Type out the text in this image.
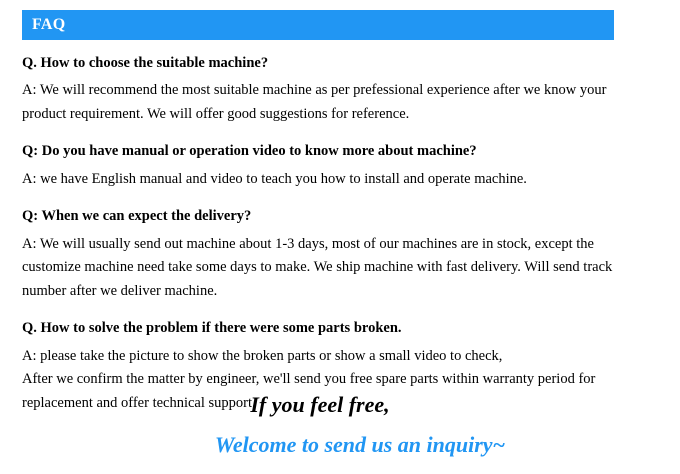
FAQ

Q. How to choose the suitable machine?

A: We will recommend the most suitable machine as per prefessional experience after we know your
product requirement. We will offer good suggestions for reference.

Q: Do you have manual or operation video to know more about machine?

A: we have English manual and video to teach you how to install and operate machine.

Q: When we can expect the delivery?

A: We will usually send out machine about 1-3 days, most of our machines are in stock, except the
customize machine need take some days to make. We ship machine with fast delivery. Will send track
number after we deliver machine.

Q. How to solve the problem if there were some parts broken.

A: please take the picture to show the broken parts or show a small video to check,
After we confirm the matter by engineer, we'll send you free spare parts within warranty period for
replacement and offer technical support.

If you feel free,

Welcome to send us an inquiry~
